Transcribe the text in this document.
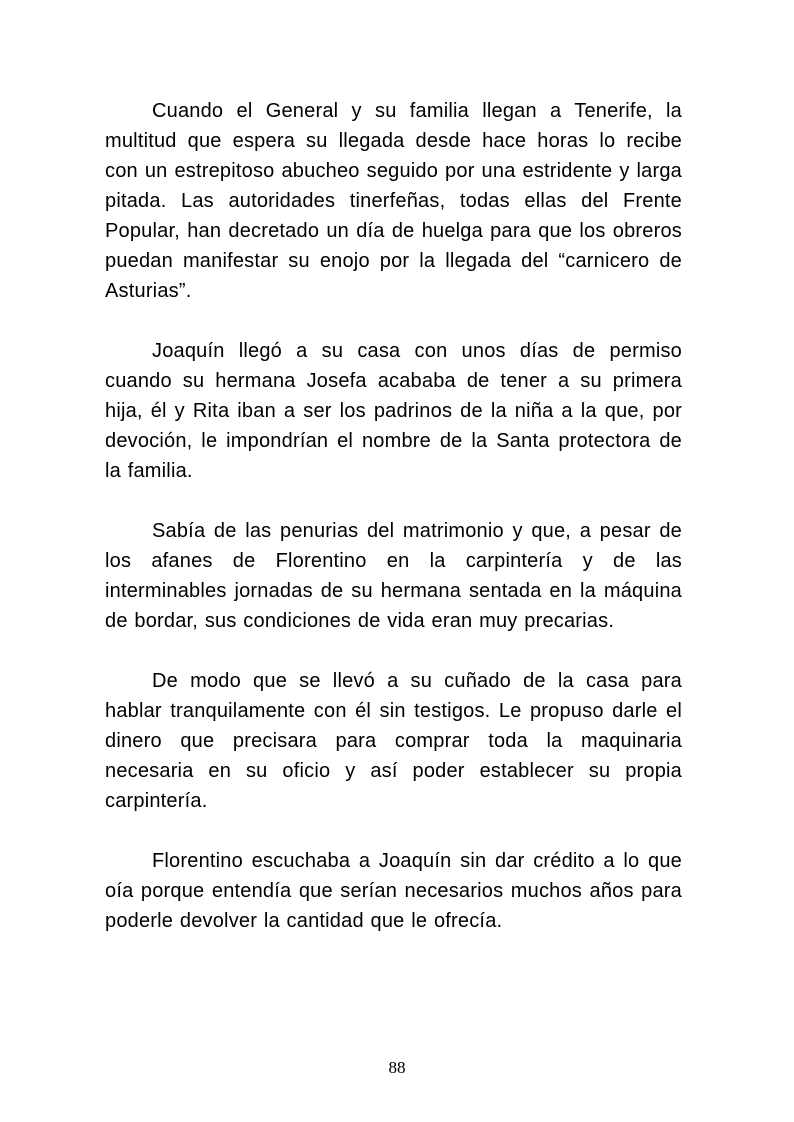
Cuando el General y su familia llegan a Tenerife, la multitud que espera su llegada desde hace horas lo recibe con un estrepitoso abucheo seguido por una estridente y larga pitada. Las autoridades tinerfeñas, todas ellas del Frente Popular, han decretado un día de huelga para que los obreros puedan manifestar su enojo por la llegada del “carnicero de Asturias”.

Joaquín llegó a su casa con unos días de permiso cuando su hermana Josefa acababa de tener a su primera hija, él y Rita iban a ser los padrinos de la niña a la que, por devoción, le impondrían el nombre de la Santa protectora de la familia.

Sabía de las penurias del matrimonio y que, a pesar de los afanes de Florentino en la carpintería y de las interminables jornadas de su hermana sentada en la máquina de bordar, sus condiciones de vida eran muy precarias.

De modo que se llevó a su cuñado de la casa para hablar tranquilamente con él sin testigos. Le propuso darle el dinero que precisara para comprar toda la maquinaria necesaria en su oficio y así poder establecer su propia carpintería.

Florentino escuchaba a Joaquín sin dar crédito a lo que oía porque entendía que serían necesarios muchos años para poderle devolver la cantidad que le ofrecía.

88
